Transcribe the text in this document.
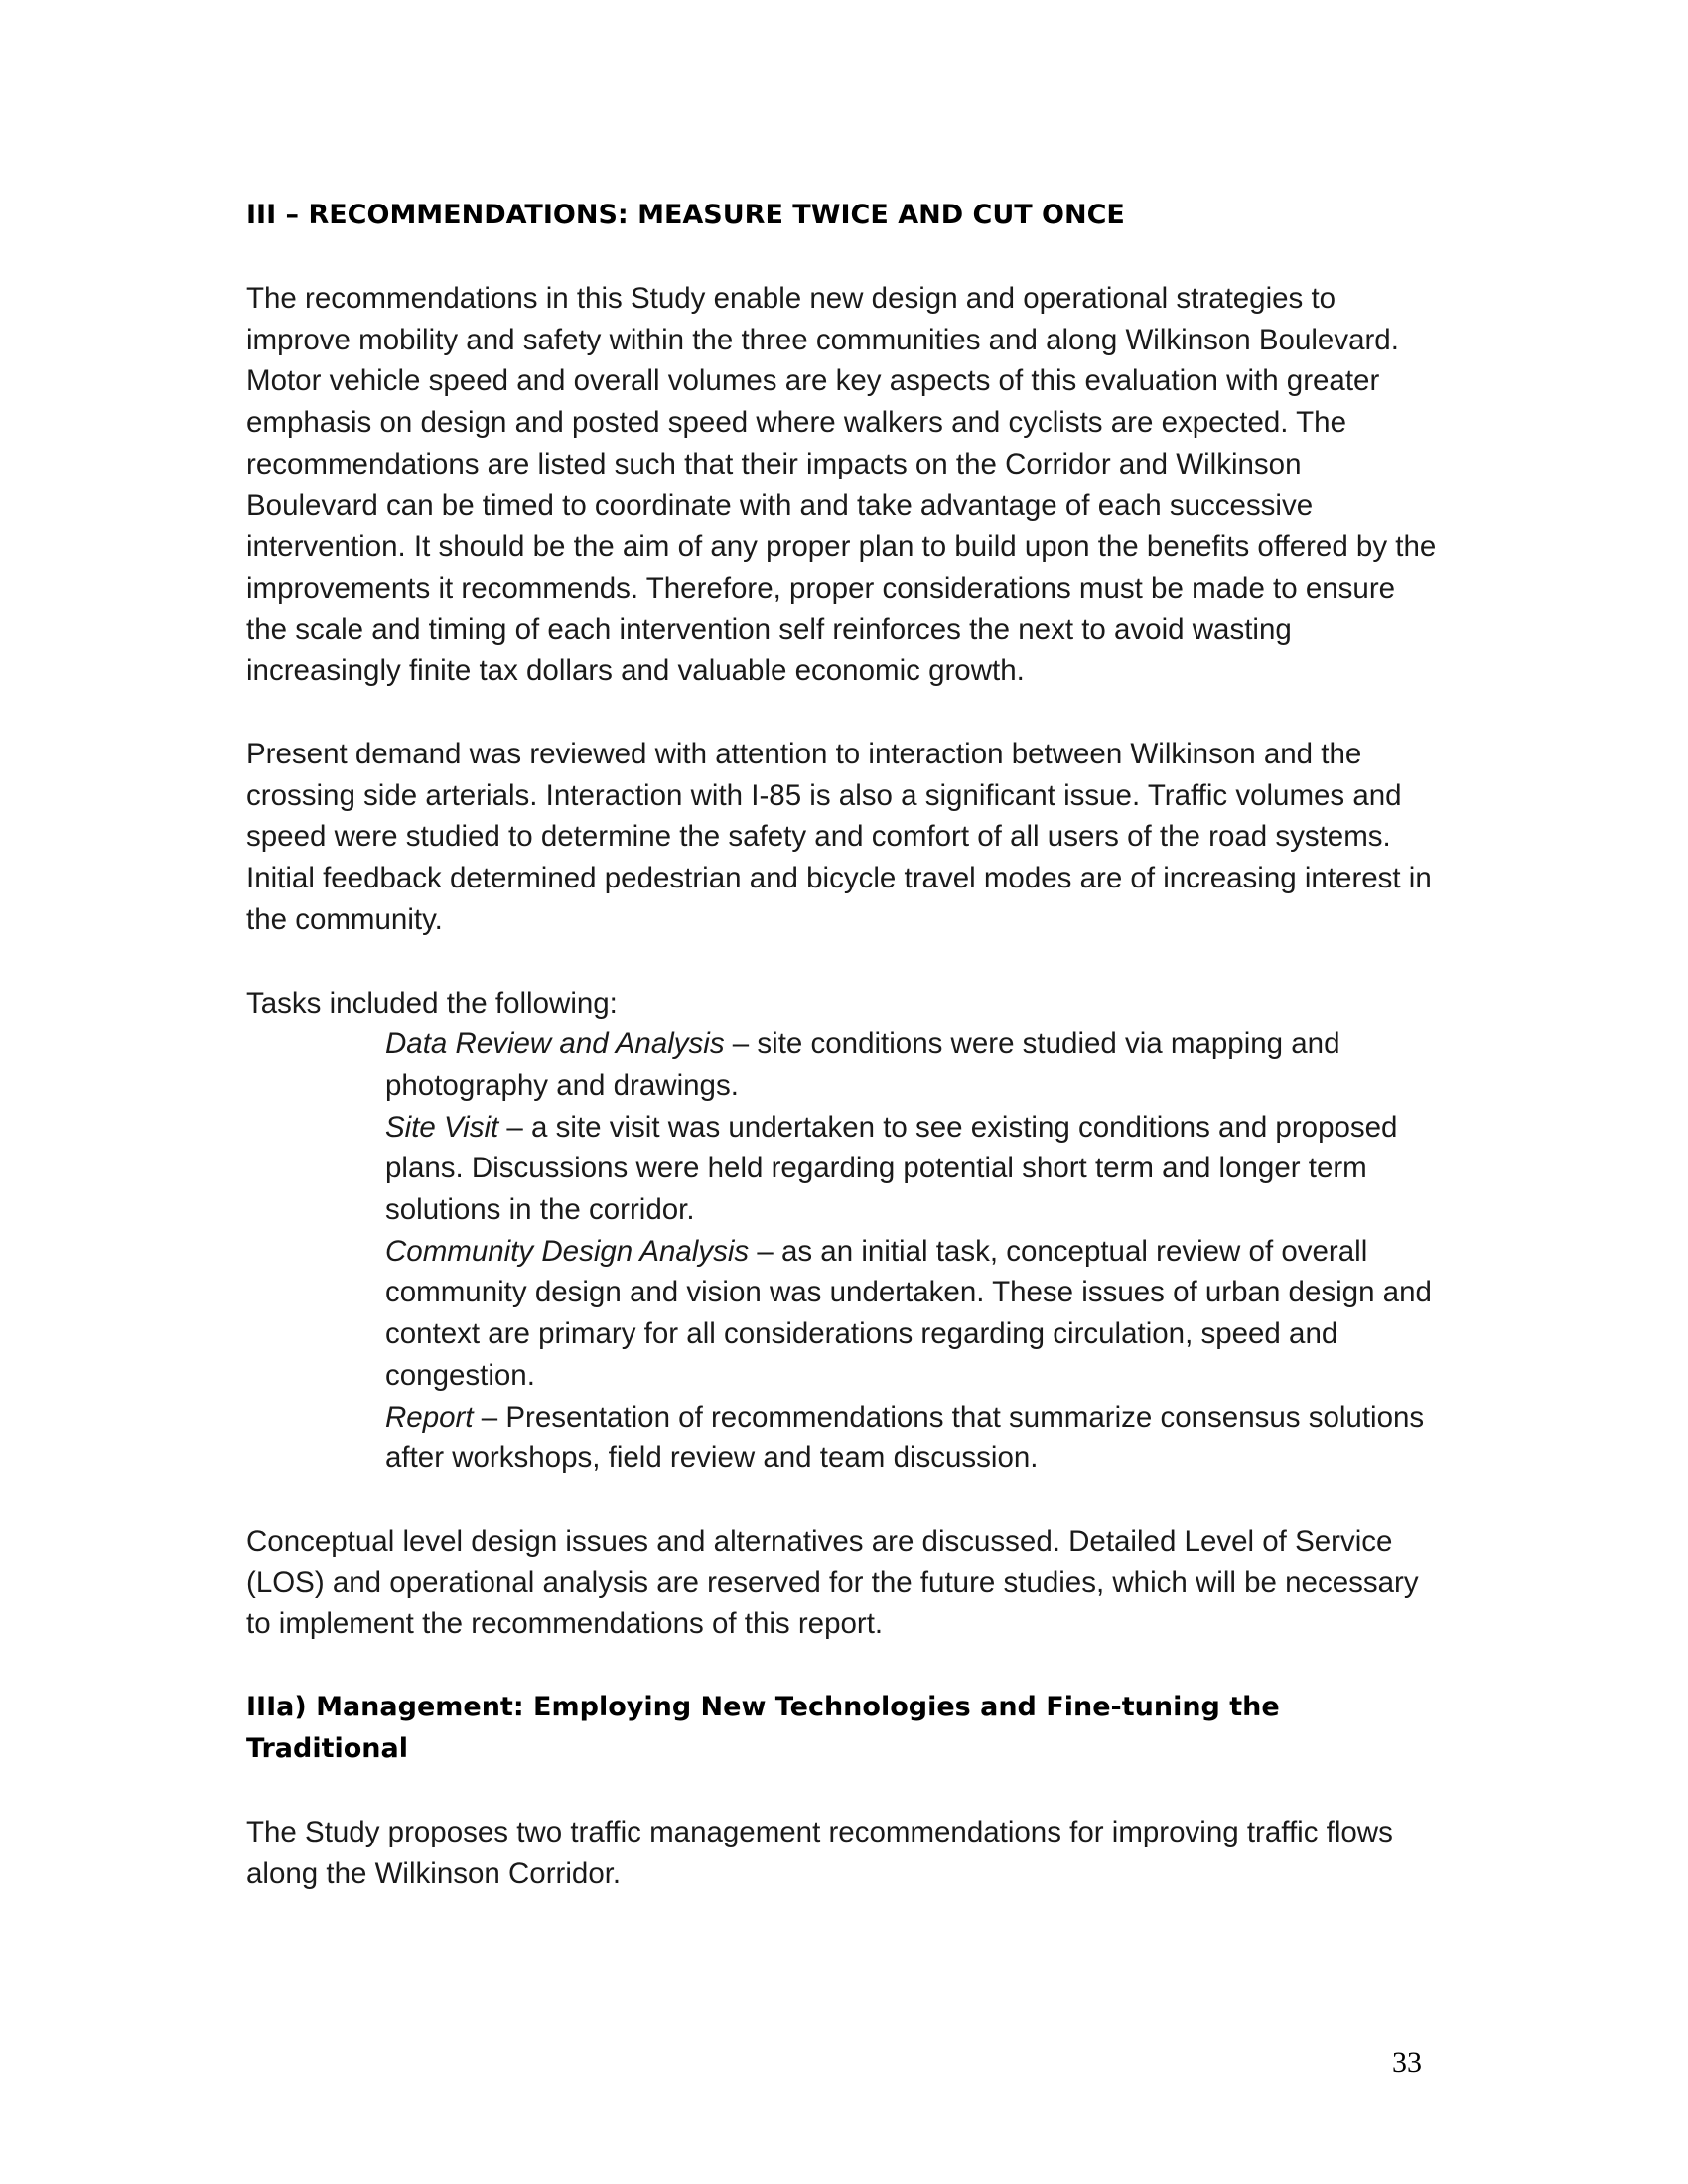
III – RECOMMENDATIONS: MEASURE TWICE AND CUT ONCE

The recommendations in this Study enable new design and operational strategies to improve mobility and safety within the three communities and along Wilkinson Boulevard. Motor vehicle speed and overall volumes are key aspects of this evaluation with greater emphasis on design and posted speed where walkers and cyclists are expected. The recommendations are listed such that their impacts on the Corridor and Wilkinson Boulevard can be timed to coordinate with and take advantage of each successive intervention. It should be the aim of any proper plan to build upon the benefits offered by the improvements it recommends. Therefore, proper considerations must be made to ensure the scale and timing of each intervention self reinforces the next to avoid wasting increasingly finite tax dollars and valuable economic growth.

Present demand was reviewed with attention to interaction between Wilkinson and the crossing side arterials. Interaction with I-85 is also a significant issue. Traffic volumes and speed were studied to determine the safety and comfort of all users of the road systems. Initial feedback determined pedestrian and bicycle travel modes are of increasing interest in the community.

Tasks included the following:

Data Review and Analysis – site conditions were studied via mapping and photography and drawings.
Site Visit – a site visit was undertaken to see existing conditions and proposed plans. Discussions were held regarding potential short term and longer term solutions in the corridor.
Community Design Analysis – as an initial task, conceptual review of overall community design and vision was undertaken. These issues of urban design and context are primary for all considerations regarding circulation, speed and congestion.
Report – Presentation of recommendations that summarize consensus solutions after workshops, field review and team discussion.

Conceptual level design issues and alternatives are discussed. Detailed Level of Service (LOS) and operational analysis are reserved for the future studies, which will be necessary to implement the recommendations of this report.

IIIa) Management: Employing New Technologies and Fine-tuning the Traditional

The Study proposes two traffic management recommendations for improving traffic flows along the Wilkinson Corridor.

33
